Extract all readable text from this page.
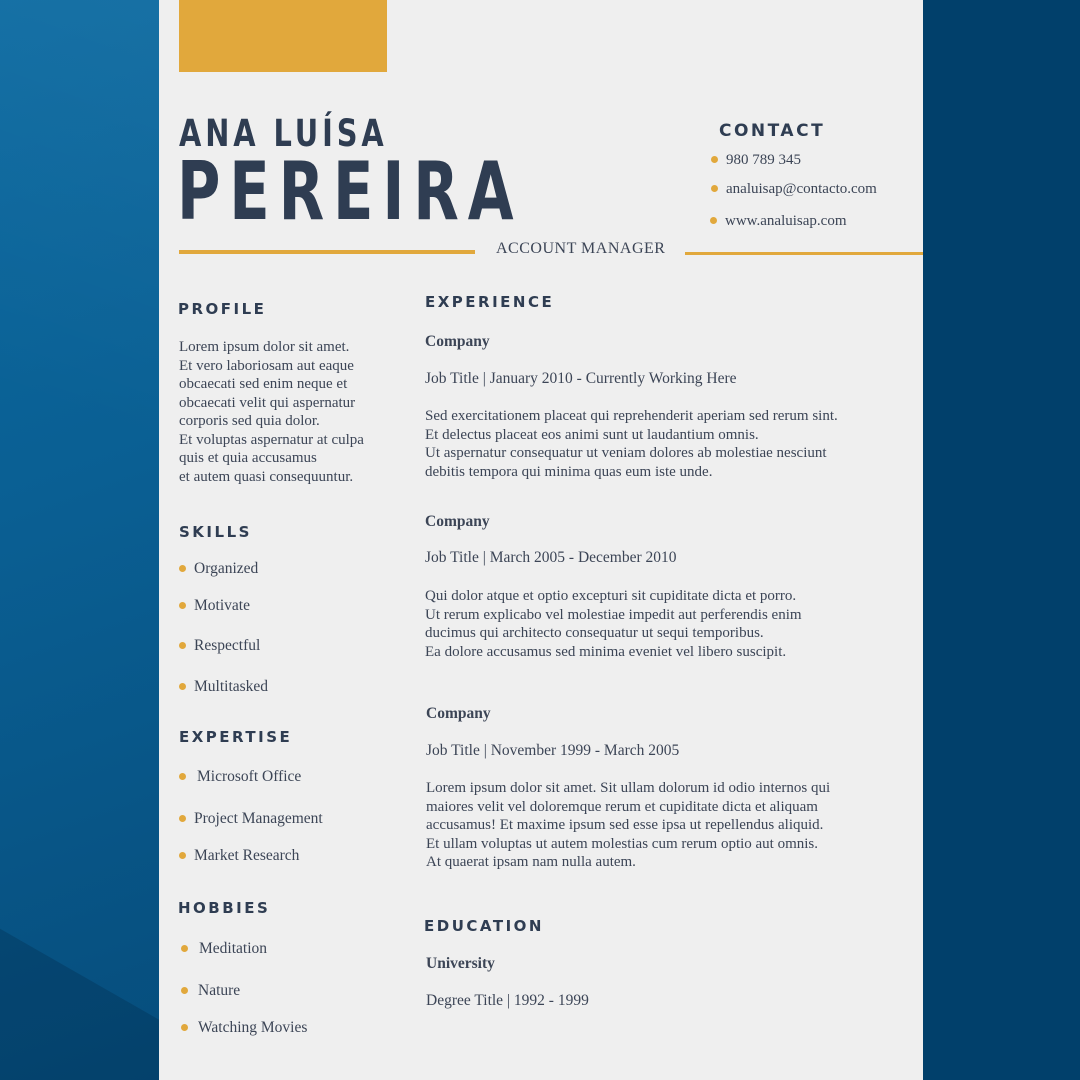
ANA LUÍSA
PEREIRA
ACCOUNT MANAGER
CONTACT
980 789 345
analuisap@contacto.com
www.analuisap.com
PROFILE
Lorem ipsum dolor sit amet.
Et vero laboriosam aut eaque
obcaecati sed enim neque et
obcaecati velit qui aspernatur
corporis sed quia dolor.
Et voluptas aspernatur at culpa
quis et quia accusamus
et autem quasi consequuntur.
SKILLS
Organized
Motivate
Respectful
Multitasked
EXPERTISE
Microsoft Office
Project Management
Market Research
HOBBIES
Meditation
Nature
Watching Movies
EXPERIENCE
Company
Job Title | January 2010 - Currently Working Here
Sed exercitationem placeat qui reprehenderit aperiam sed rerum sint.
Et delectus placeat eos animi sunt ut laudantium omnis.
Ut aspernatur consequatur ut veniam dolores ab molestiae nesciunt
debitis tempora qui minima quas eum iste unde.
Company
Job Title | March 2005 - December 2010
Qui dolor atque et optio excepturi sit cupiditate dicta et porro.
Ut rerum explicabo vel molestiae impedit aut perferendis enim
ducimus qui architecto consequatur ut sequi temporibus.
Ea dolore accusamus sed minima eveniet vel libero suscipit.
Company
Job Title | November 1999 - March 2005
Lorem ipsum dolor sit amet. Sit ullam dolorum id odio internos qui
maiores velit vel doloremque rerum et cupiditate dicta et aliquam
accusamus! Et maxime ipsum sed esse ipsa ut repellendus aliquid.
Et ullam voluptas ut autem molestias cum rerum optio aut omnis.
At quaerat ipsam nam nulla autem.
EDUCATION
University
Degree Title | 1992 - 1999
